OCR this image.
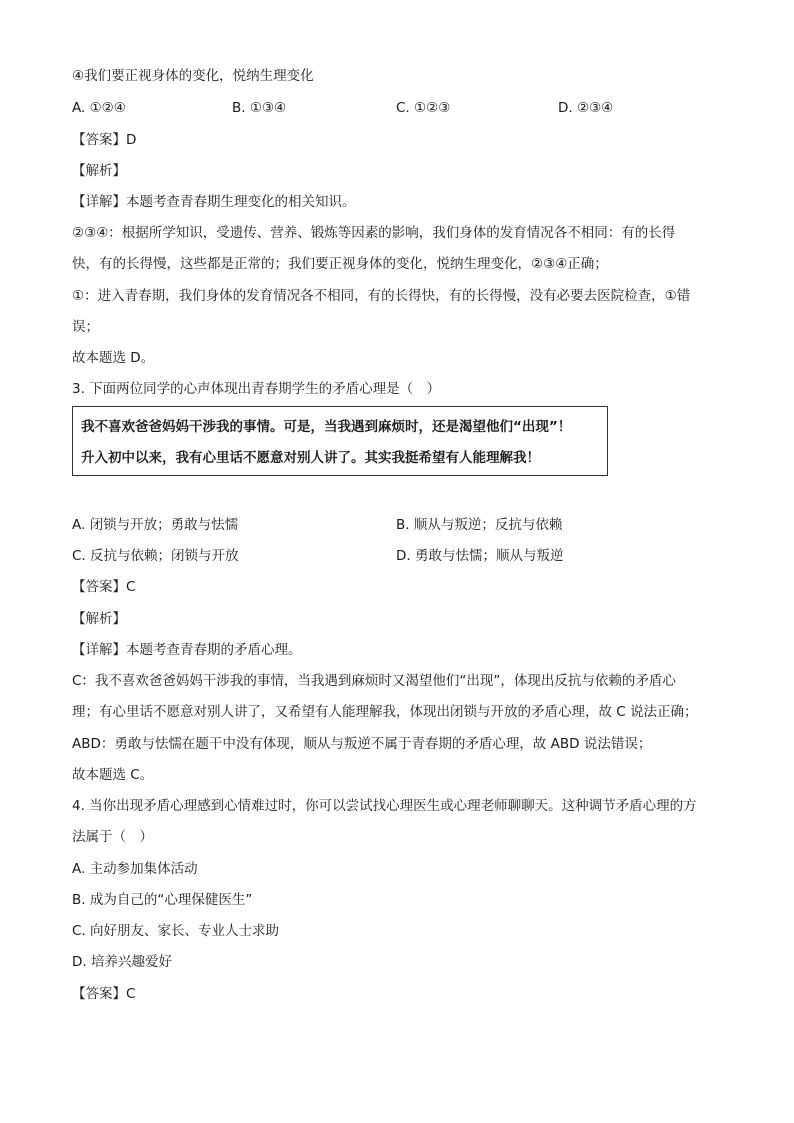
④我们要正视身体的变化，悦纳生理变化
A. ①②④	B. ①③④	C. ①②③	D. ②③④
【答案】D
【解析】
【详解】本题考查青春期生理变化的相关知识。
②③④：根据所学知识，受遗传、营养、锻炼等因素的影响，我们身体的发育情况各不相同：有的长得
快，有的长得慢，这些都是正常的；我们要正视身体的变化，悦纳生理变化，②③④正确；
①：进入青春期，我们身体的发育情况各不相同，有的长得快，有的长得慢，没有必要去医院检查，①错
误；
故本题选 D。
3. 下面两位同学的心声体现出青春期学生的矛盾心理是（　）
我不喜欢爸爸妈妈干涉我的事情。可是，当我遇到麻烦时，还是渴望他们“出现”！
升入初中以来，我有心里话不愿意对别人讲了。其实我挺希望有人能理解我！
A. 闭锁与开放；勇敢与怯懦	B. 顺从与叛逆；反抗与依赖
C. 反抗与依赖；闭锁与开放	D. 勇敢与怯懦；顺从与叛逆
【答案】C
【解析】
【详解】本题考查青春期的矛盾心理。
C：我不喜欢爸爸妈妈干涉我的事情，当我遇到麻烦时又渴望他们“出现”，体现出反抗与依赖的矛盾心
理；有心里话不愿意对别人讲了，又希望有人能理解我，体现出闭锁与开放的矛盾心理，故 C 说法正确；
ABD：勇敢与怯懦在题干中没有体现，顺从与叛逆不属于青春期的矛盾心理，故 ABD 说法错误；
故本题选 C。
4. 当你出现矛盾心理感到心情难过时，你可以尝试找心理医生或心理老师聊聊天。这种调节矛盾心理的方
法属于（　）
A. 主动参加集体活动
B. 成为自己的“心理保健医生”
C. 向好朋友、家长、专业人士求助
D. 培养兴趣爱好
【答案】C
